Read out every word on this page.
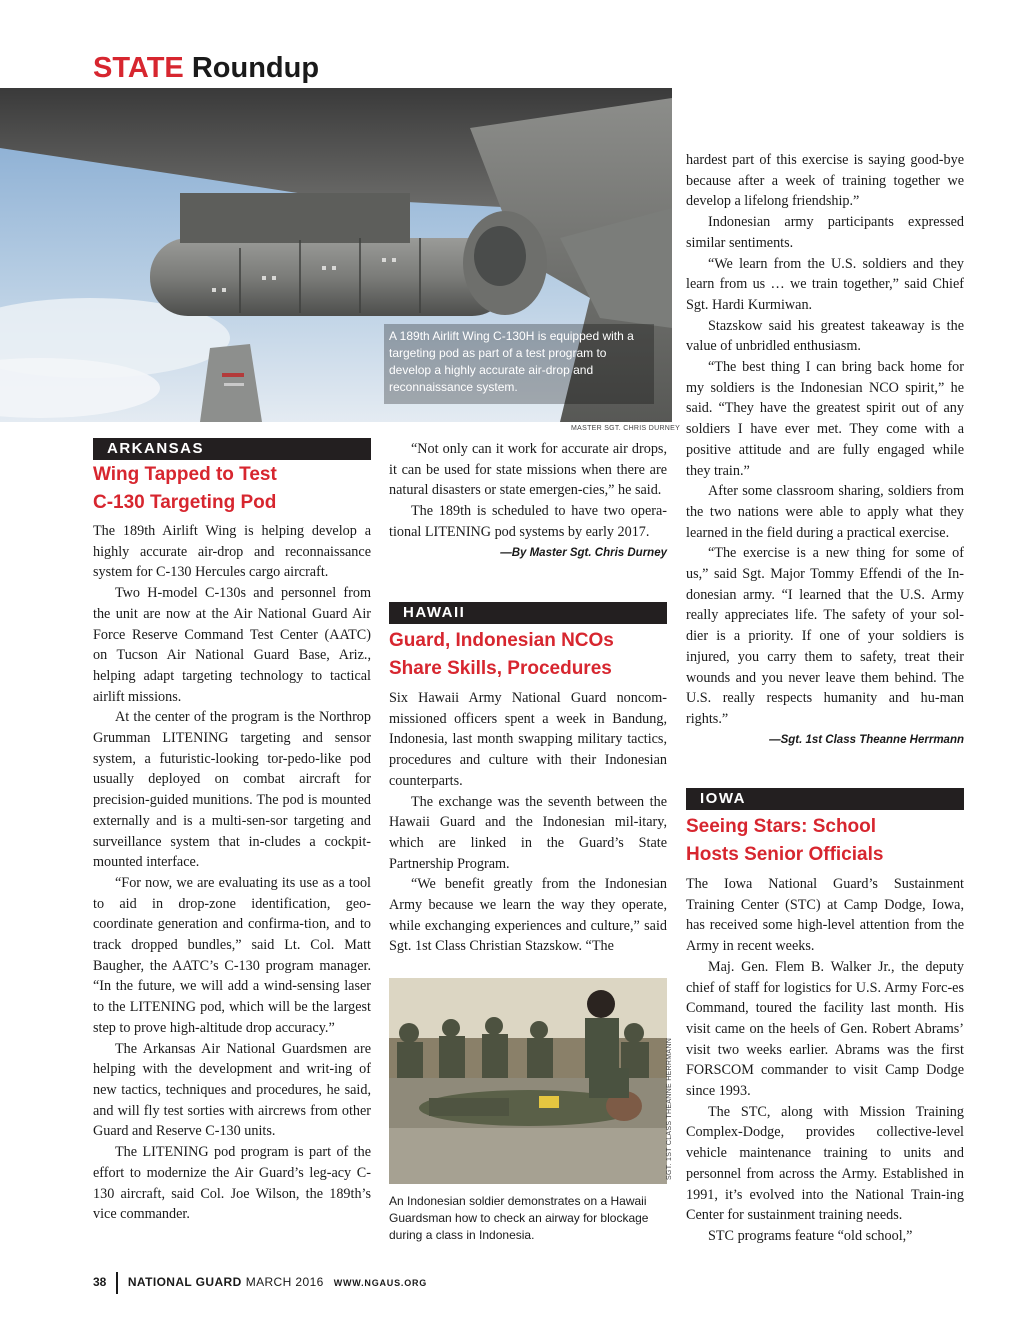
STATE Roundup
A 189th Airlift Wing C-130H is equipped with a targeting pod as part of a test program to develop a highly accurate air-drop and reconnaissance system.
MASTER SGT. CHRIS DURNEY
ARKANSAS
Wing Tapped to Test
C-130 Targeting Pod

The 189th Airlift Wing is helping develop a highly accurate air-drop and reconnaissance system for C-130 Hercules cargo aircraft.

Two H-model C-130s and personnel from the unit are now at the Air National Guard Air Force Reserve Command Test Center (AATC) on Tucson Air National Guard Base, Ariz., helping adapt targeting technology to tactical airlift missions.

At the center of the program is the Northrop Grumman LITENING targeting and sensor system, a futuristic-looking tor-pedo-like pod usually deployed on combat aircraft for precision-guided munitions. The pod is mounted externally and is a multi-sen-sor targeting and surveillance system that in-cludes a cockpit-mounted interface.

“For now, we are evaluating its use as a tool to aid in drop-zone identification, geo-coordinate generation and confirma-tion, and to track dropped bundles,” said Lt. Col. Matt Baugher, the AATC’s C-130 program manager. “In the future, we will add a wind-sensing laser to the LITENING pod, which will be the largest step to prove high-altitude drop accuracy.”

The Arkansas Air National Guardsmen are helping with the development and writ-ing of new tactics, techniques and procedures, he said, and will fly test sorties with aircrews from other Guard and Reserve C-130 units.

The LITENING pod program is part of the effort to modernize the Air Guard’s leg-acy C-130 aircraft, said Col. Joe Wilson, the 189th’s vice commander.

“Not only can it work for accurate air drops, it can be used for state missions when there are natural disasters or state emergen-cies,” he said.

The 189th is scheduled to have two opera-tional LITENING pod systems by early 2017.

—By Master Sgt. Chris Durney

HAWAII
Guard, Indonesian NCOs
Share Skills, Procedures

Six Hawaii Army National Guard noncom-missioned officers spent a week in Bandung, Indonesia, last month swapping military tactics, procedures and culture with their Indonesian counterparts.

The exchange was the seventh between the Hawaii Guard and the Indonesian mil-itary, which are linked in the Guard’s State Partnership Program.

“We benefit greatly from the Indonesian Army because we learn the way they operate, while exchanging experiences and culture,” said Sgt. 1st Class Christian Stazskow. “The

SGT. 1ST CLASS THEANNE HERRMANN
An Indonesian soldier demonstrates on a Hawaii Guardsman how to check an airway for blockage during a class in Indonesia.

hardest part of this exercise is saying good-bye because after a week of training together we develop a lifelong friendship.”

Indonesian army participants expressed similar sentiments.

“We learn from the U.S. soldiers and they learn from us … we train together,” said Chief Sgt. Hardi Kurmiwan.

Stazskow said his greatest takeaway is the value of unbridled enthusiasm.

“The best thing I can bring back home for my soldiers is the Indonesian NCO spirit,” he said. “They have the greatest spirit out of any soldiers I have ever met. They come with a positive attitude and are fully engaged while they train.”

After some classroom sharing, soldiers from the two nations were able to apply what they learned in the field during a practical exercise.

“The exercise is a new thing for some of us,” said Sgt. Major Tommy Effendi of the In-donesian army. “I learned that the U.S. Army really appreciates life. The safety of your sol-dier is a priority. If one of your soldiers is injured, you carry them to safety, treat their wounds and you never leave them behind. The U.S. really respects humanity and hu-man rights.”

—Sgt. 1st Class Theanne Herrmann

IOWA
Seeing Stars: School
Hosts Senior Officials

The Iowa National Guard’s Sustainment Training Center (STC) at Camp Dodge, Iowa, has received some high-level attention from the Army in recent weeks.

Maj. Gen. Flem B. Walker Jr., the deputy chief of staff for logistics for U.S. Army Forc-es Command, toured the facility last month. His visit came on the heels of Gen. Robert Abrams’ visit two weeks earlier. Abrams was the first FORSCOM commander to visit Camp Dodge since 1993.

The STC, along with Mission Training Complex-Dodge, provides collective-level vehicle maintenance training to units and personnel from across the Army. Established in 1991, it’s evolved into the National Train-ing Center for sustainment training needs.

STC programs feature “old school,”

38 NATIONAL GUARD MARCH 2016 WWW.NGAUS.ORG
